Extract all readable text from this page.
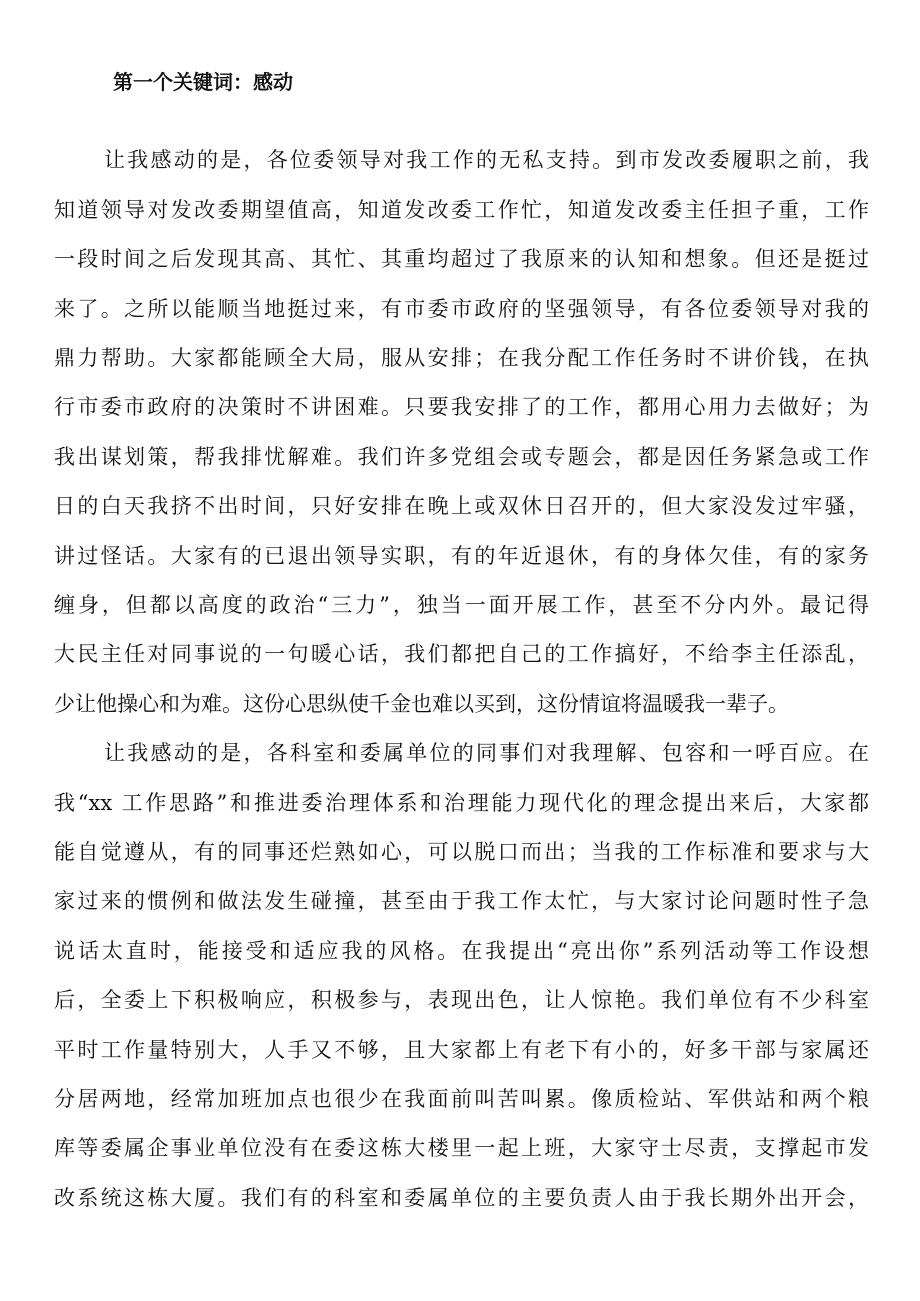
第一个关键词：感动

让我感动的是，各位委领导对我工作的无私支持。到市发改委履职之前，我

知道领导对发改委期望值高，知道发改委工作忙，知道发改委主任担子重，工作

一段时间之后发现其高、其忙、其重均超过了我原来的认知和想象。但还是挺过

来了。之所以能顺当地挺过来，有市委市政府的坚强领导，有各位委领导对我的

鼎力帮助。大家都能顾全大局，服从安排；在我分配工作任务时不讲价钱，在执

行市委市政府的决策时不讲困难。只要我安排了的工作，都用心用力去做好；为

我出谋划策，帮我排忧解难。我们许多党组会或专题会，都是因任务紧急或工作

日的白天我挤不出时间，只好安排在晚上或双休日召开的，但大家没发过牢骚，

讲过怪话。大家有的已退出领导实职，有的年近退休，有的身体欠佳，有的家务

缠身，但都以高度的政治“三力”，独当一面开展工作，甚至不分内外。最记得

大民主任对同事说的一句暖心话，我们都把自己的工作搞好，不给李主任添乱，

少让他操心和为难。这份心思纵使千金也难以买到，这份情谊将温暖我一辈子。

让我感动的是，各科室和委属单位的同事们对我理解、包容和一呼百应。在

我“xx 工作思路”和推进委治理体系和治理能力现代化的理念提出来后，大家都

能自觉遵从，有的同事还烂熟如心，可以脱口而出；当我的工作标准和要求与大

家过来的惯例和做法发生碰撞，甚至由于我工作太忙，与大家讨论问题时性子急

说话太直时，能接受和适应我的风格。在我提出“亮出你”系列活动等工作设想

后，全委上下积极响应，积极参与，表现出色，让人惊艳。我们单位有不少科室

平时工作量特别大，人手又不够，且大家都上有老下有小的，好多干部与家属还

分居两地，经常加班加点也很少在我面前叫苦叫累。像质检站、军供站和两个粮

库等委属企事业单位没有在委这栋大楼里一起上班，大家守士尽责，支撑起市发

改系统这栋大厦。我们有的科室和委属单位的主要负责人由于我长期外出开会，
